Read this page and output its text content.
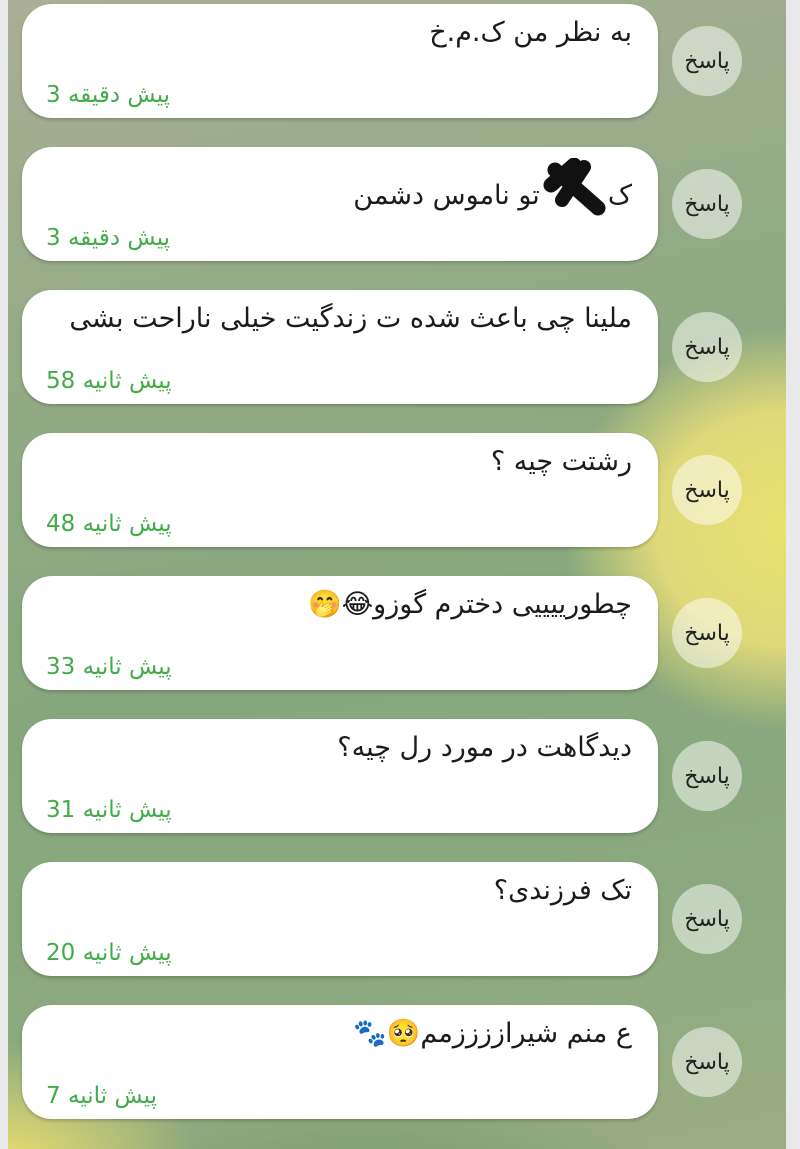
به نظر من ک.م.خ
3 دقیقه‎ پیش
پاسخ
کتو ناموس دشمن
3 دقیقه‎ پیش
پاسخ
ملینا چی باعث شده ت زندگیت خیلی ناراحت بشی
58 ثانیه‎ پیش
پاسخ
رشتت چیه ؟
48 ثانیه‎ پیش
پاسخ
چطورییییی دخترم گوزو😂🤭
33 ثانیه‎ پیش
پاسخ
دیدگاهت در مورد رل چیه؟
31 ثانیه‎ پیش
پاسخ
تک فرزندی؟
20 ثانیه‎ پیش
پاسخ
ع منم شیراززززمم🥺🐾
7 ثانیه‎ پیش
پاسخ
